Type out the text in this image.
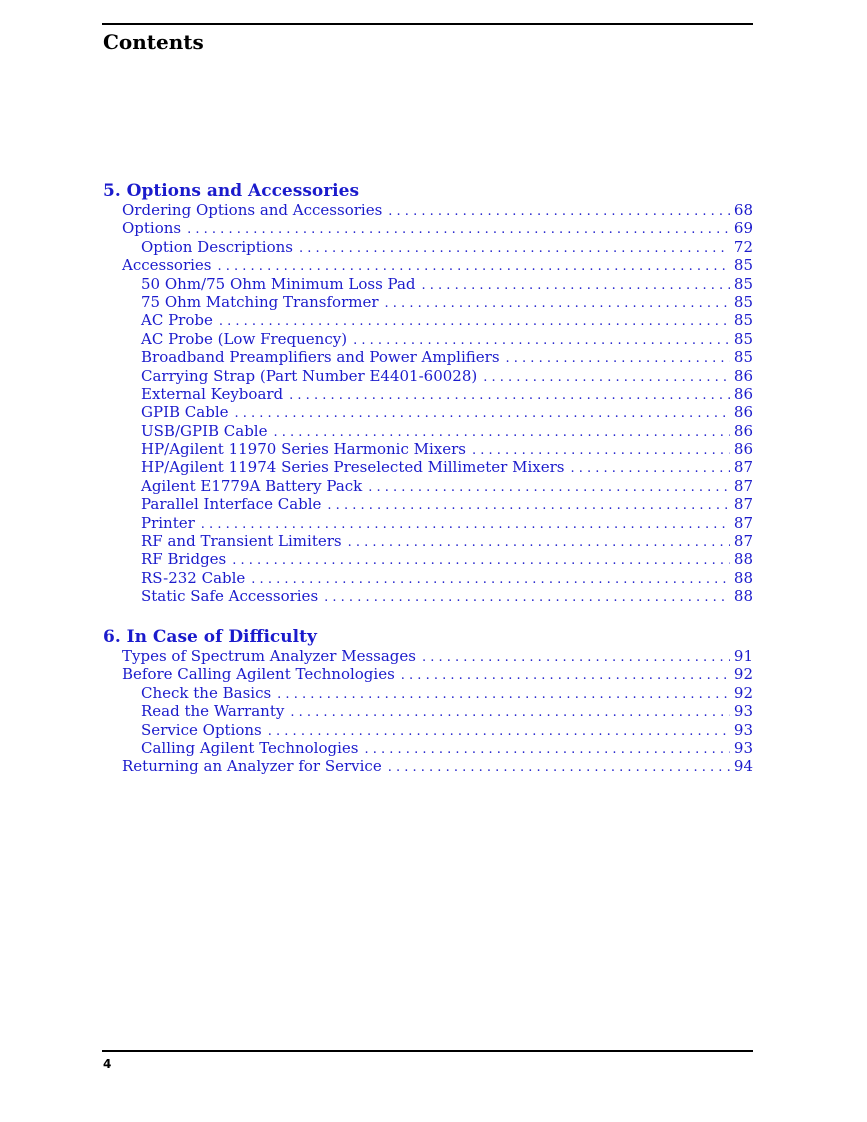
Contents
5. Options and Accessories
Ordering Options and Accessories . . .	68
Options . . .	69
Option Descriptions . . .	72
Accessories . . .	85
50 Ohm/75 Ohm Minimum Loss Pad . . .	85
75 Ohm Matching Transformer . . .	85
AC Probe . . .	85
AC Probe (Low Frequency) . . .	85
Broadband Preamplifiers and Power Amplifiers . . .	85
Carrying Strap (Part Number E4401-60028) . . .	86
External Keyboard . . .	86
GPIB Cable . . .	86
USB/GPIB Cable . . .	86
HP/Agilent 11970 Series Harmonic Mixers . . .	86
HP/Agilent 11974 Series Preselected Millimeter Mixers . . .	87
Agilent E1779A Battery Pack . . .	87
Parallel Interface Cable . . .	87
Printer . . .	87
RF and Transient Limiters . . .	87
RF Bridges . . .	88
RS-232 Cable . . .	88
Static Safe Accessories . . .	88
6. In Case of Difficulty
Types of Spectrum Analyzer Messages . . .	91
Before Calling Agilent Technologies . . .	92
Check the Basics . . .	92
Read the Warranty . . .	93
Service Options . . .	93
Calling Agilent Technologies . . .	93
Returning an Analyzer for Service . . .	94
4
